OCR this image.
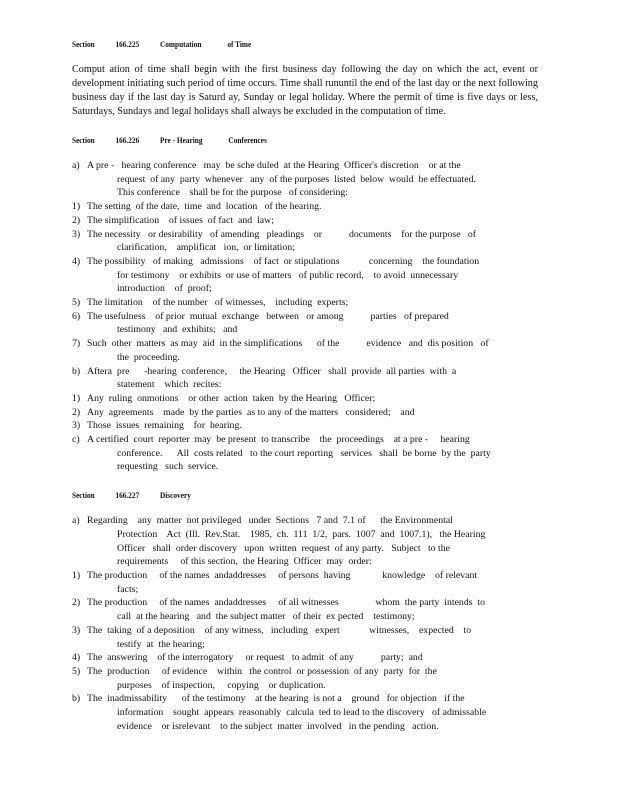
Section 166.225 Computation	of Time

Comput ation of time shall begin with the first business day following the day on which the act, event or development initiating such period of time occurs. Time shall rununtil the end of the last day or the next following business day if the last day is Saturd ay, Sunday or legal holiday. Where the permit of time is five days or less, Saturdays, Sundays and legal holidays shall always be excluded in the computation of time.

Section 166.226 Pre - Hearing	Conferences
a) A pre -   hearing conference   may  be sche duled  at the Hearing  Officer's discretion    or at the
request  of any  party  whenever   any  of the purposes  listed  below  would  be effectuated.
This conference    shall be for the purpose   of considering:
1) The setting  of the date,  time  and  location   of the hearing.
2) The simplification    of issues  of fact  and  law;
3) The necessity   or desirability   of amending   pleadings    or           documents    for the purpose   of
clarification,    amplificat   ion,  or limitation;
4) The possibility   of making   admissions    of fact  or stipulations            concerning    the foundation
for testimony    or exhibits  or use of matters   of public record,    to avoid  unnecessary
introduction    of  proof;
5) The limitation    of the number   of witnesses,    including  experts;
6) The usefulness    of prior  mutual  exchange   between   or among           parties   of prepared
testimony   and  exhibits;   and
7) Such  other  matters  as may  aid  in the simplifications      of the           evidence   and  dis position   of
the  proceeding.
b) Aftera  pre      -hearing  conference,     the Hearing   Officer   shall  provide  all parties  with  a
statement    which  recites:
1) Any  ruling  onmotions    or other  action  taken  by the Hearing   Officer;
2) Any  agreements    made  by the parties  as to any of the matters   considered;    and
3) Those  issues  remaining    for  hearing.
c) A certified  court  reporter  may  be present  to transcribe    the  proceedings    at a pre -     hearing
conference.      All  costs related   to the court reporting   services   shall  be borne  by the  party
requesting   such  service.
Section 166.227 Discovery
a) Regarding    any  matter  not privileged   under  Sections   7 and  7.1 of      the Environmental
Protection    Act  (Ill.  Rev.Stat.    1985,  ch.  111  1/2,  pars.  1007  and  1007.1),   the Hearing
Officer   shall  order discovery   upon  written  request  of any party.   Subject   to the
requirements     of this section,  the Hearing  Officer  may  order:
1) The production     of the names  andaddresses     of persons  having             knowledge    of relevant
facts;
2) The production     of the names  andaddresses     of all witnesses               whom  the party  intends  to
call  at the hearing   and  the subject matter   of their  ex pected    testimony;
3) The  taking  of a deposition    of any witness,   including   expert            witnesses,    expected    to
testify  at  the hearing;
4) The  answering    of the interrogatory     or request   to admit  of any           party;  and
5) The  production     of evidence    within   the control  or possession  of any  party  for  the
purposes    of inspection,     copying    or duplication.
b) The  inadmissability      of the testimony    at the hearing  is not a    ground   for objection   if the
information    sought  appears  reasonably  calcula  ted to lead to the discovery   of admissable
evidence    or isrelevant    to the subject  matter  involved   in the pending   action.
